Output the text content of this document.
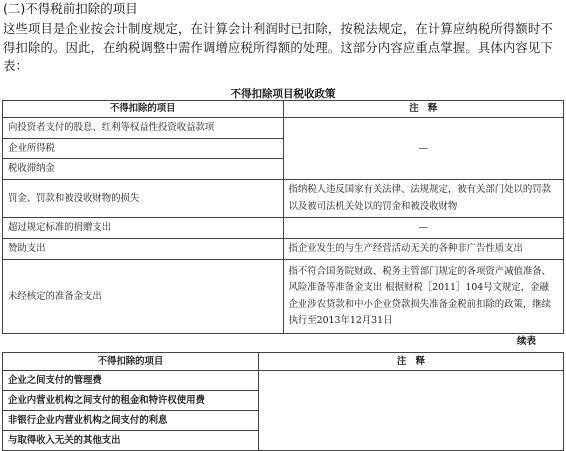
(二)不得税前扣除的项目
这些项目是企业按会计制度规定，在计算会计利润时已扣除，按税法规定，在计算应纳税所得额时不得扣除的。因此，在纳税调整中需作调增应税所得额的处理。这部分内容应重点掌握。具体内容见下表：
不得扣除项目税收政策
不得扣除的项目	注　释
向投资者支付的股息、红利等权益性投资收益款项	—
企业所得税	
税收滞纳金	
罚金、罚款和被没收财物的损失	指纳税人违反国家有关法律、法规规定，被有关部门处以的罚款以及被司法机关处以的罚金和被没收财物
超过规定标准的捐赠支出	—
赞助支出	指企业发生的与生产经营活动无关的各种非广告性质支出
未经核定的准备金支出	指不符合国务院财政、税务主管部门规定的各项资产减值准备、风险准备等准备金支出 根据财税［2011］104号文规定，金融企业涉农贷款和中小企业贷款损失准备金税前扣除的政策，继续执行至2013年12月31日
续表
不得扣除的项目	注　释
企业之间支付的管理费	
企业内营业机构之间支付的租金和特许权使用费	
非银行企业内营业机构之间支付的利息	
与取得收入无关的其他支出	
